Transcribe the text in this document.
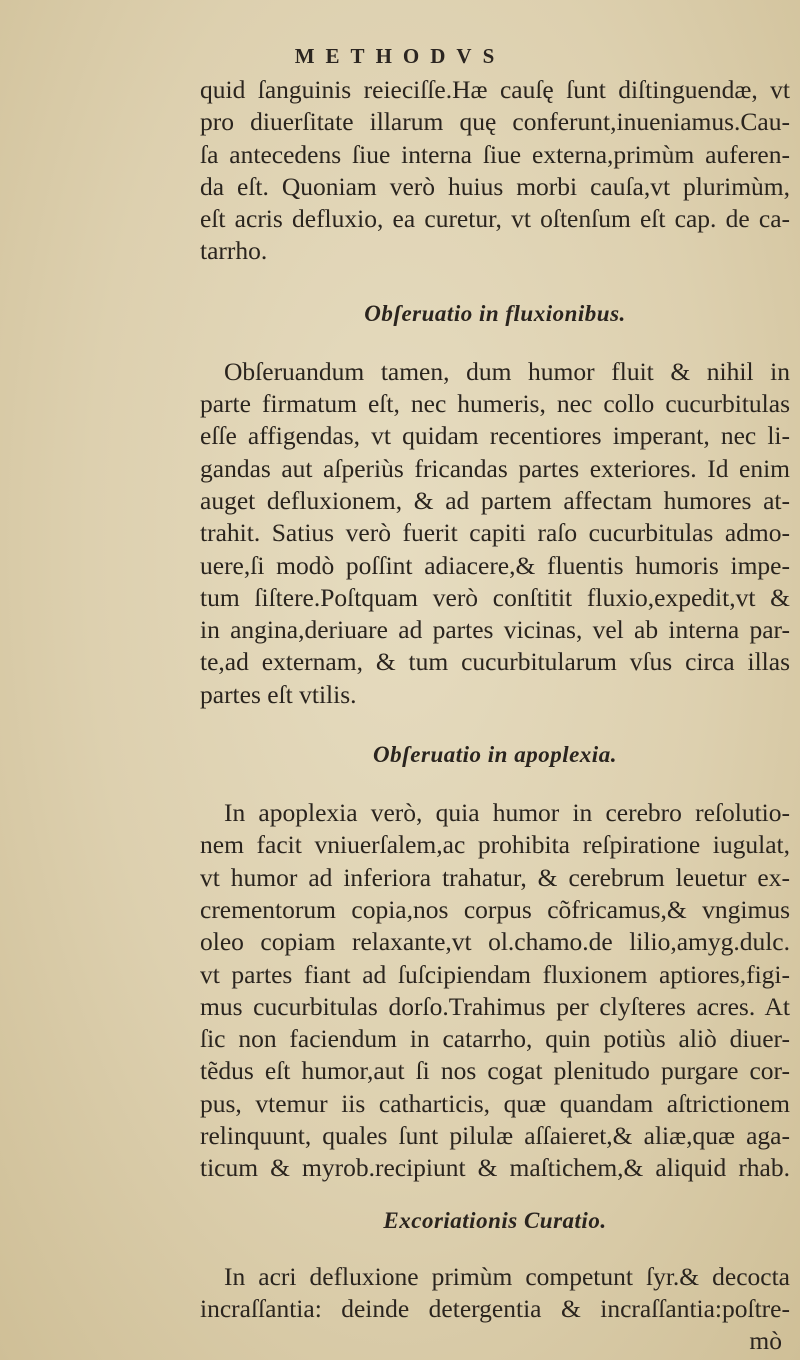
METHODVS
quid ſanguinis reieciſſe.Hæ cauſę ſunt diſtinguendæ, vt
pro diuerſitate illarum quę conferunt,inueniamus.Cau-
ſa antecedens ſiue interna ſiue externa,primùm auferen-
da eſt. Quoniam verò huius morbi cauſa,vt plurimùm,
eſt acris defluxio, ea curetur, vt oſtenſum eſt cap. de ca-
tarrho.
Obſeruatio in fluxionibus.
Obſeruandum tamen, dum humor fluit & nihil in
parte firmatum eſt, nec humeris, nec collo cucurbitulas
eſſe affigendas, vt quidam recentiores imperant, nec li-
gandas aut aſperiùs fricandas partes exteriores. Id enim
auget defluxionem, & ad partem affectam humores at-
trahit. Satius verò fuerit capiti raſo cucurbitulas admo-
uere,ſi modò poſſint adiacere,& fluentis humoris impe-
tum ſiſtere.Poſtquam verò conſtitit fluxio,expedit,vt &
in angina,deriuare ad partes vicinas, vel ab interna par-
te,ad externam, & tum cucurbitularum vſus circa illas
partes eſt vtilis.
Obſeruatio in apoplexia.
In apoplexia verò, quia humor in cerebro reſolutio-
nem facit vniuerſalem,ac prohibita reſpiratione iugulat,
vt humor ad inferiora trahatur, & cerebrum leuetur ex-
crementorum copia,nos corpus cõfricamus,& vngimus
oleo copiam relaxante,vt ol.chamo.de lilio,amyg.dulc.
vt partes fiant ad ſuſcipiendam fluxionem aptiores,figi-
mus cucurbitulas dorſo.Trahimus per clyſteres acres. At
ſic non faciendum in catarrho, quin potiùs aliò diuer-
tẽdus eſt humor,aut ſi nos cogat plenitudo purgare cor-
pus, vtemur iis catharticis, quæ quandam aſtrictionem
relinquunt, quales ſunt pilulæ aſſaieret,& aliæ,quæ aga-
ticum & myrob.recipiunt & maſtichem,& aliquid rhab.
Excoriationis Curatio.
In acri defluxione primùm competunt ſyr.& decocta
incraſſantia: deinde detergentia & incraſſantia:poſtre-
mò
